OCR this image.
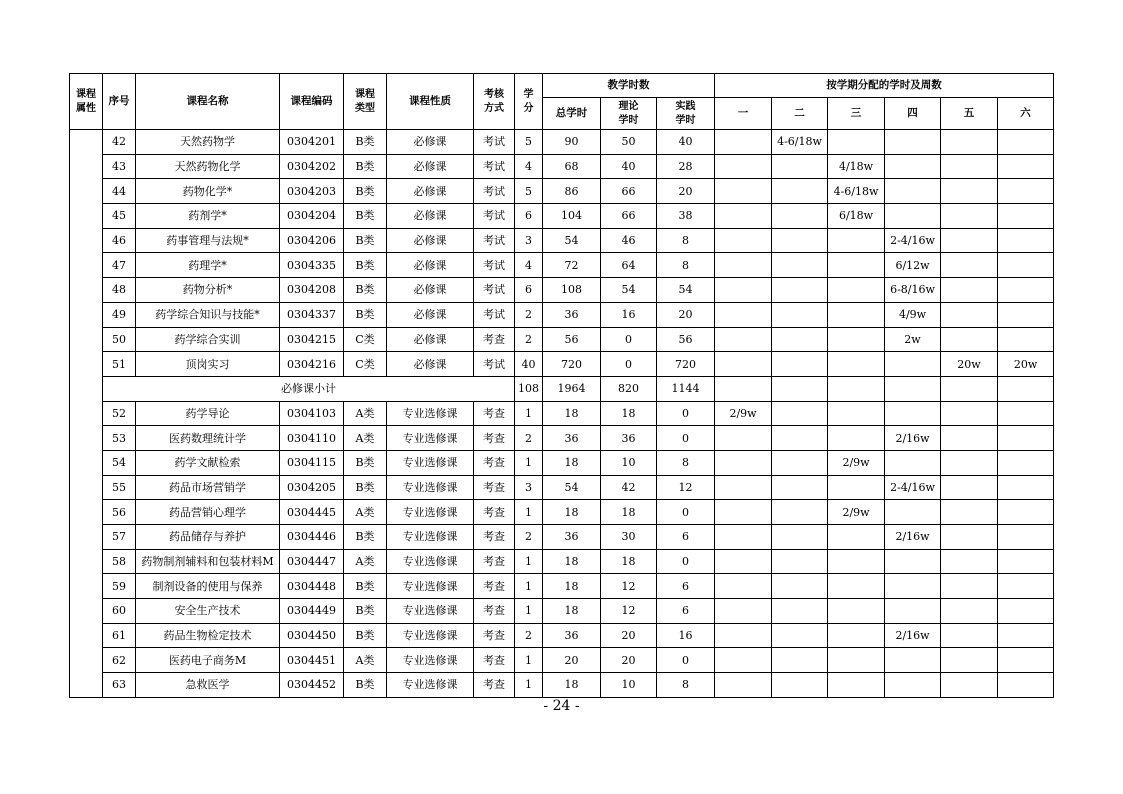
课程属性	序号	课程名称	课程编码	课程类型	课程性质	考核方式	学分	教学时数			按学期分配的学时及周数					
								总学时	理论学时	实践学时	一	二	三	四	五	六
	42	天然药物学	0304201	B类	必修课	考试	5	90	50	40		4-6/18w				
	43	天然药物化学	0304202	B类	必修课	考试	4	68	40	28			4/18w			
	44	药物化学*	0304203	B类	必修课	考试	5	86	66	20			4-6/18w			
	45	药剂学*	0304204	B类	必修课	考试	6	104	66	38			6/18w			
	46	药事管理与法规*	0304206	B类	必修课	考试	3	54	46	8				2-4/16w		
	47	药理学*	0304335	B类	必修课	考试	4	72	64	8				6/12w		
	48	药物分析*	0304208	B类	必修课	考试	6	108	54	54				6-8/16w		
	49	药学综合知识与技能*	0304337	B类	必修课	考试	2	36	16	20				4/9w		
	50	药学综合实训	0304215	C类	必修课	考查	2	56	0	56				2w		
	51	顶岗实习	0304216	C类	必修课	考试	40	720	0	720					20w	20w
	必修课小计						108	1964	820	1144						
	52	药学导论	0304103	A类	专业选修课	考查	1	18	18	0	2/9w					
	53	医药数理统计学	0304110	A类	专业选修课	考查	2	36	36	0				2/16w		
	54	药学文献检索	0304115	B类	专业选修课	考查	1	18	10	8			2/9w			
	55	药品市场营销学	0304205	B类	专业选修课	考查	3	54	42	12				2-4/16w		
	56	药品营销心理学	0304445	A类	专业选修课	考查	1	18	18	0			2/9w			
	57	药品储存与养护	0304446	B类	专业选修课	考查	2	36	30	6				2/16w		
	58	药物制剂辅料和包装材料M	0304447	A类	专业选修课	考查	1	18	18	0						
	59	制剂设备的使用与保养	0304448	B类	专业选修课	考查	1	18	12	6						
	60	安全生产技术	0304449	B类	专业选修课	考查	1	18	12	6						
	61	药品生物检定技术	0304450	B类	专业选修课	考查	2	36	20	16				2/16w		
	62	医药电子商务M	0304451	A类	专业选修课	考查	1	20	20	0						
	63	急救医学	0304452	B类	专业选修课	考查	1	18	10	8						
- 24 -
